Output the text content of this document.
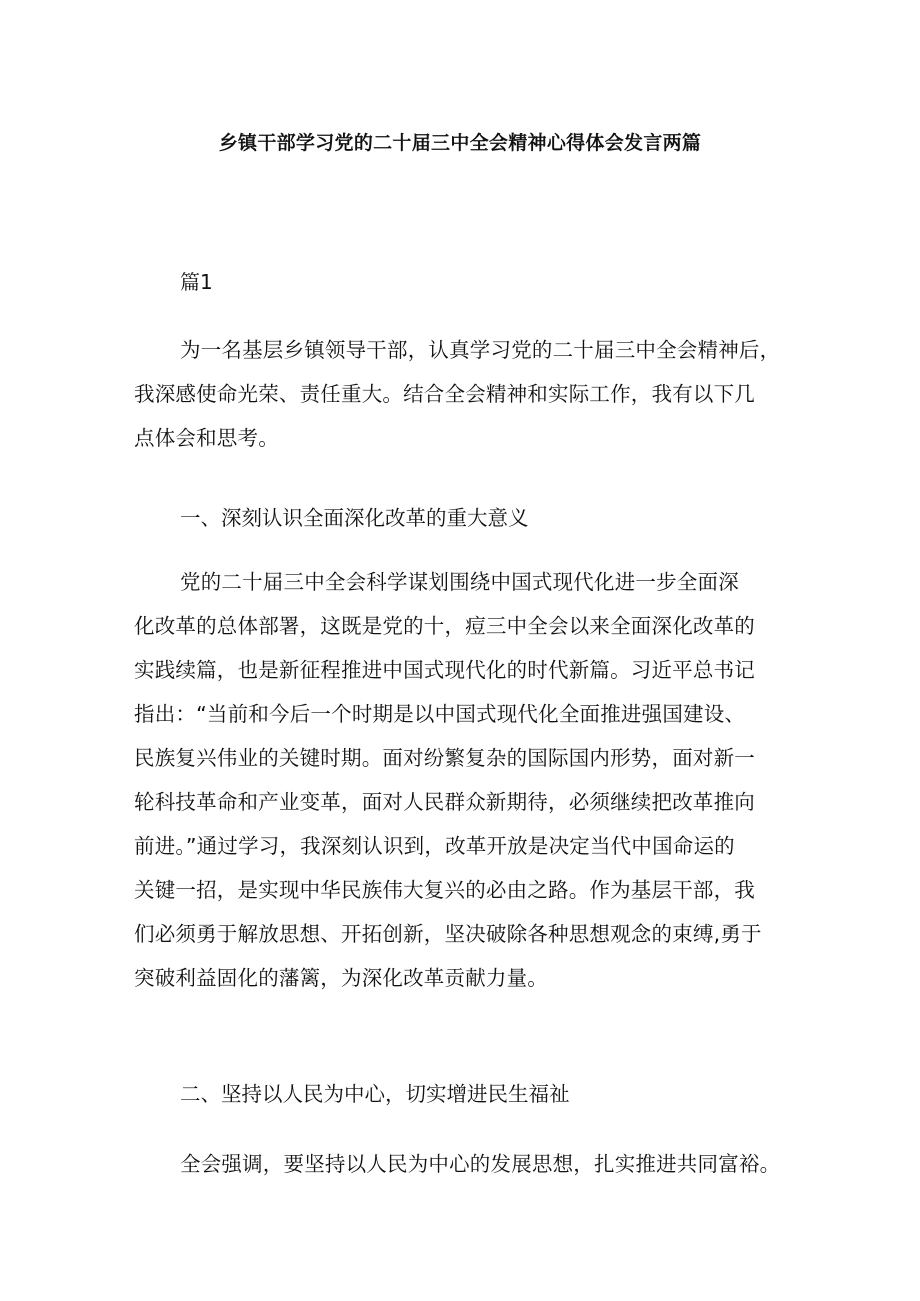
乡镇干部学习党的二十届三中全会精神心得体会发言两篇
篇1
为一名基层乡镇领导干部，认真学习党的二十届三中全会精神后，
我深感使命光荣、责任重大。结合全会精神和实际工作，我有以下几
点体会和思考。
一、深刻认识全面深化改革的重大意义
党的二十届三中全会科学谋划围绕中国式现代化进一步全面深
化改革的总体部署，这既是党的十，痘三中全会以来全面深化改革的
实践续篇，也是新征程推进中国式现代化的时代新篇。习近平总书记
指出：“当前和今后一个时期是以中国式现代化全面推进强国建设、
民族复兴伟业的关键时期。面对纷繁复杂的国际国内形势，面对新一
轮科技革命和产业变革，面对人民群众新期待，必须继续把改革推向
前进。”通过学习，我深刻认识到，改革开放是决定当代中国命运的
关键一招，是实现中华民族伟大复兴的必由之路。作为基层干部，我
们必须勇于解放思想、开拓创新，坚决破除各种思想观念的束缚,勇于
突破利益固化的藩篱，为深化改革贡献力量。
二、坚持以人民为中心，切实增进民生福祉
全会强调，要坚持以人民为中心的发展思想，扎实推进共同富裕。
